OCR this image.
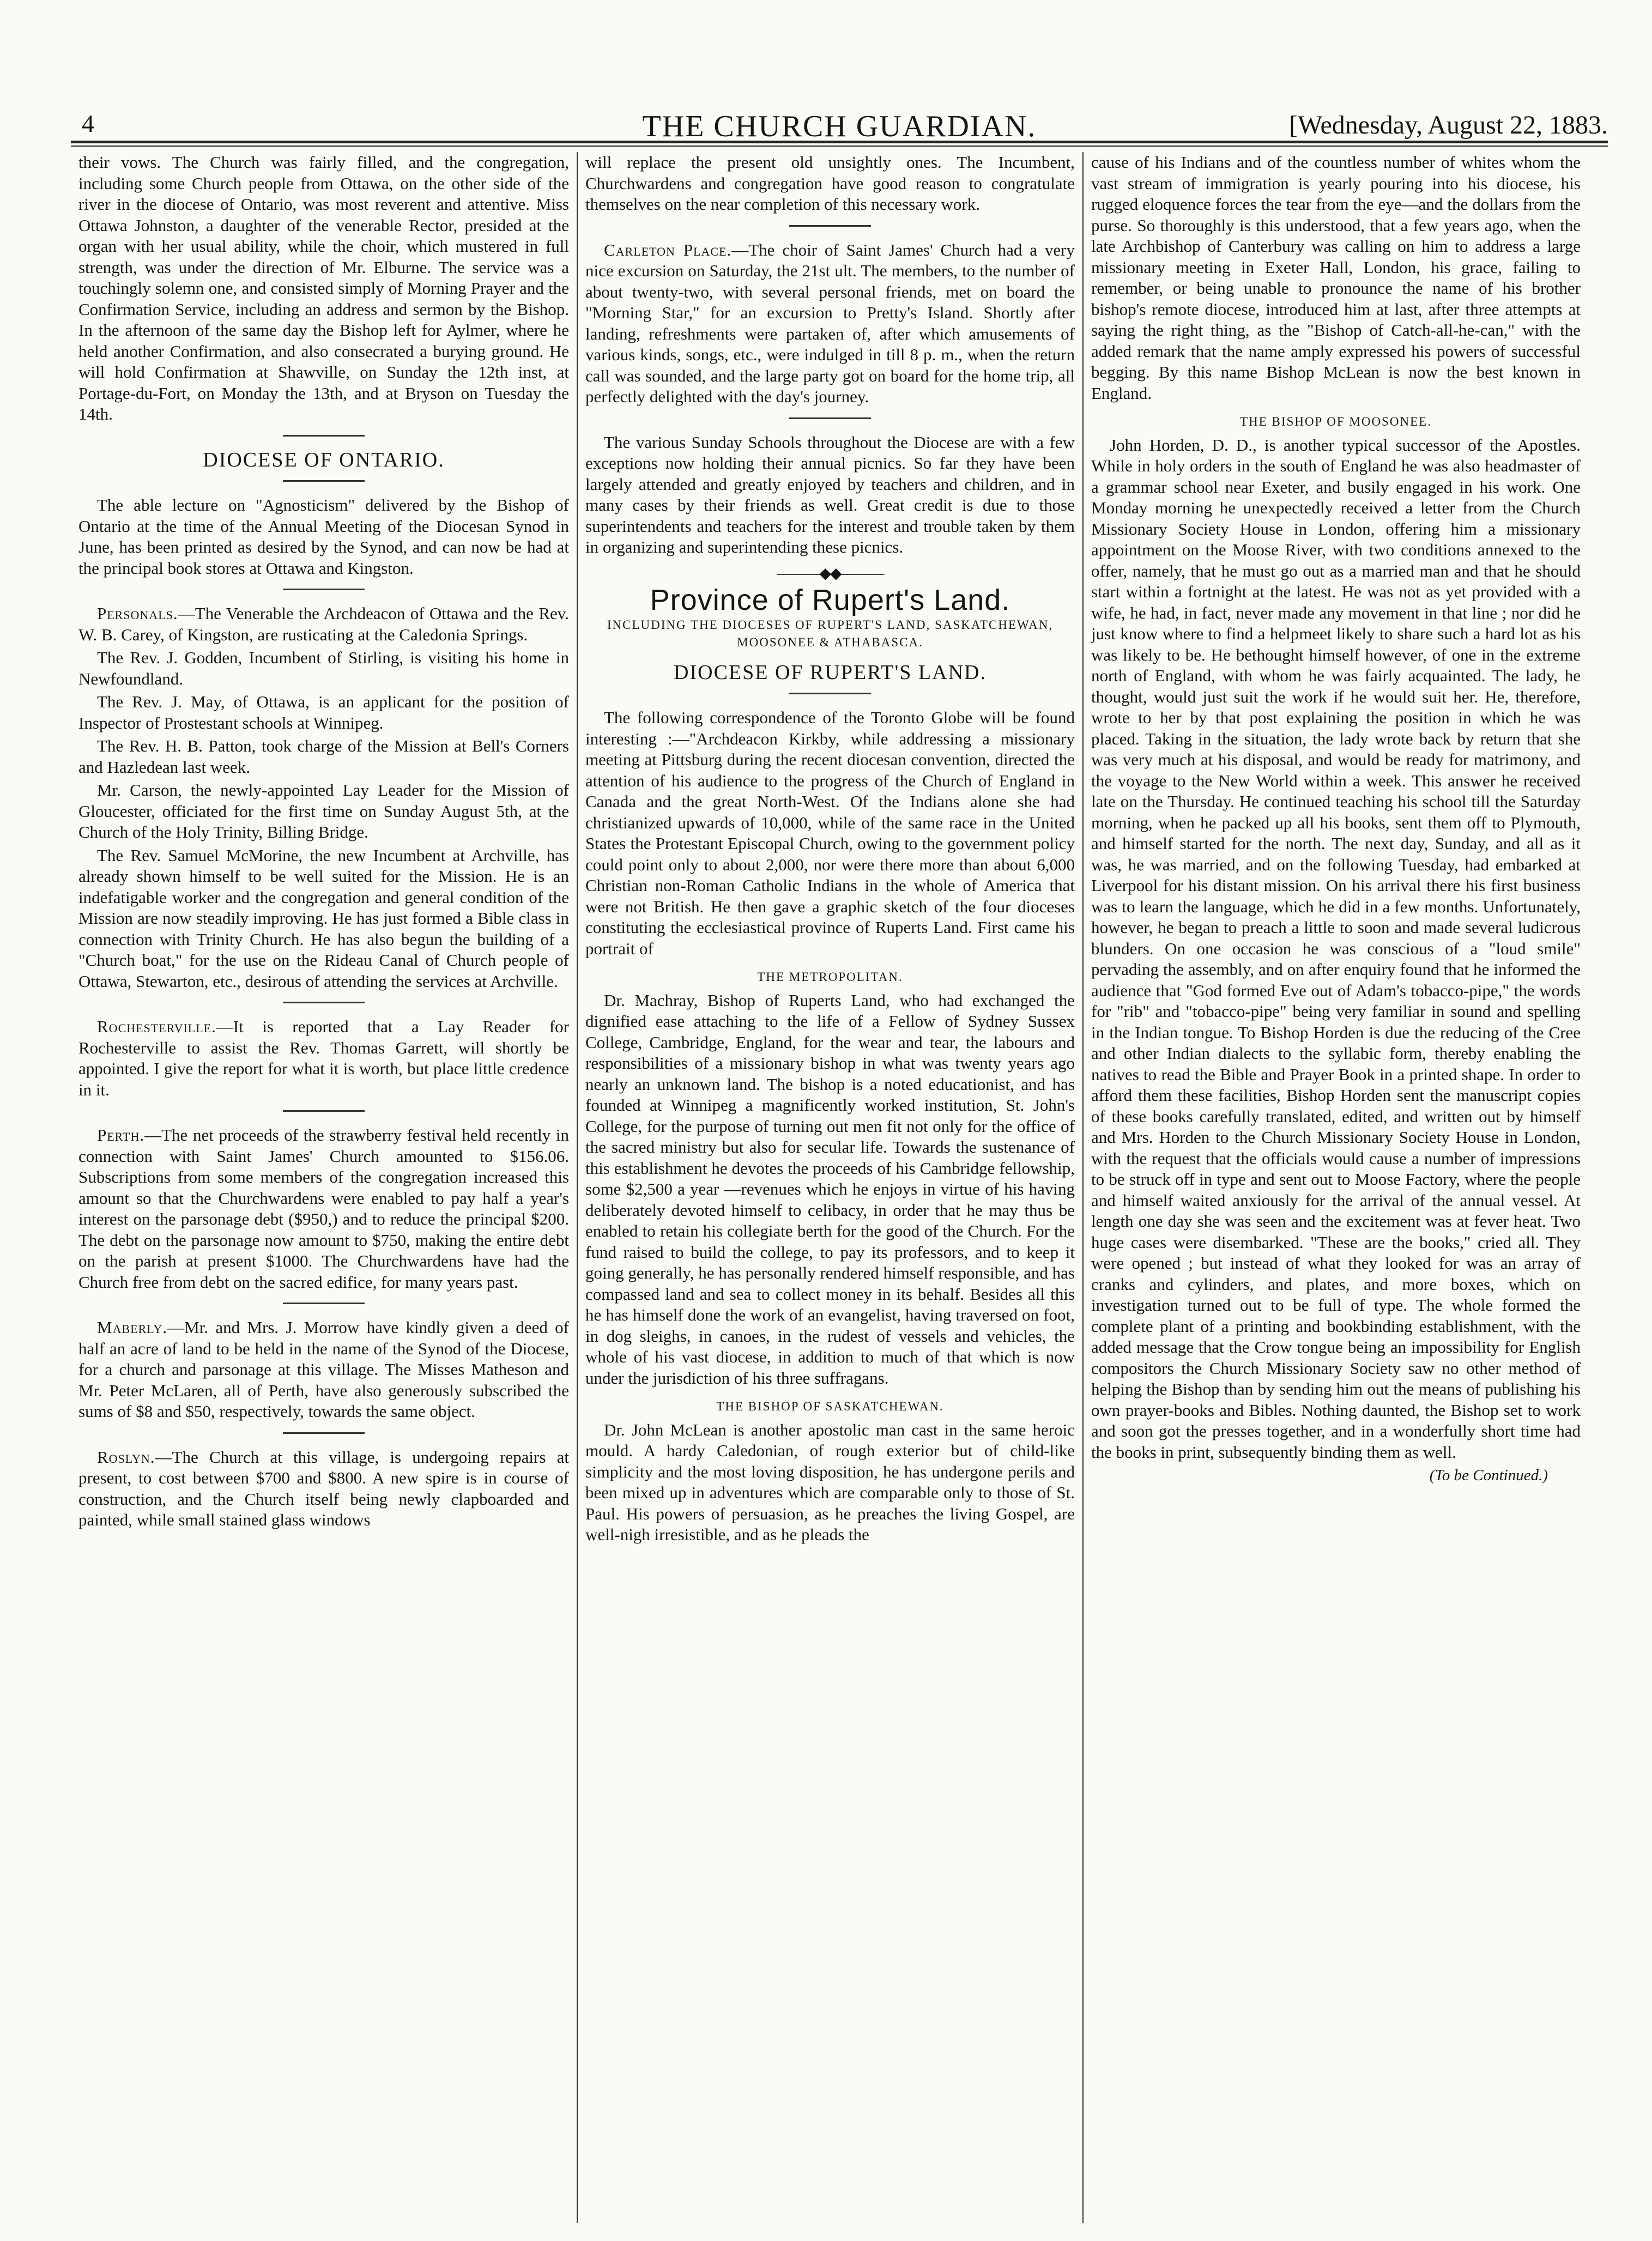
4	THE CHURCH GUARDIAN.	[Wednesday, August 22, 1883.

their vows. The Church was fairly filled, and the congregation, including some Church people from Ottawa, on the other side of the river in the diocese of Ontario, was most reverent and attentive. Miss Ottawa Johnston, a daughter of the venerable Rector, presided at the organ with her usual ability, while the choir, which mustered in full strength, was under the direction of Mr. Elburne. The service was a touchingly solemn one, and consisted simply of Morning Prayer and the Confirmation Service, including an address and sermon by the Bishop. In the afternoon of the same day the Bishop left for Aylmer, where he held another Confirmation, and also consecrated a burying ground. He will hold Confirmation at Shawville, on Sunday the 12th inst, at Portage-du-Fort, on Monday the 13th, and at Bryson on Tuesday the 14th.

DIOCESE OF ONTARIO.

The able lecture on "Agnosticism" delivered by the Bishop of Ontario at the time of the Annual Meeting of the Diocesan Synod in June, has been printed as desired by the Synod, and can now be had at the principal book stores at Ottawa and Kingston.

Personals.—The Venerable the Archdeacon of Ottawa and the Rev. W. B. Carey, of Kingston, are rusticating at the Caledonia Springs.

The Rev. J. Godden, Incumbent of Stirling, is visiting his home in Newfoundland.

The Rev. J. May, of Ottawa, is an applicant for the position of Inspector of Prostestant schools at Winnipeg.

The Rev. H. B. Patton, took charge of the Mission at Bell's Corners and Hazledean last week.

Mr. Carson, the newly-appointed Lay Leader for the Mission of Gloucester, officiated for the first time on Sunday August 5th, at the Church of the Holy Trinity, Billing Bridge.

The Rev. Samuel McMorine, the new Incumbent at Archville, has already shown himself to be well suited for the Mission. He is an indefatigable worker and the congregation and general condition of the Mission are now steadily improving. He has just formed a Bible class in connection with Trinity Church. He has also begun the building of a "Church boat," for the use on the Rideau Canal of Church people of Ottawa, Stewarton, etc., desirous of attending the services at Archville.

Rochesterville.—It is reported that a Lay Reader for Rochesterville to assist the Rev. Thomas Garrett, will shortly be appointed. I give the report for what it is worth, but place little credence in it.

Perth.—The net proceeds of the strawberry festival held recently in connection with Saint James' Church amounted to $156.06. Subscriptions from some members of the congregation increased this amount so that the Churchwardens were enabled to pay half a year's interest on the parsonage debt ($950,) and to reduce the principal $200. The debt on the parsonage now amount to $750, making the entire debt on the parish at present $1000. The Churchwardens have had the Church free from debt on the sacred edifice, for many years past.

Maberly.—Mr. and Mrs. J. Morrow have kindly given a deed of half an acre of land to be held in the name of the Synod of the Diocese, for a church and parsonage at this village. The Misses Matheson and Mr. Peter McLaren, all of Perth, have also generously subscribed the sums of $8 and $50, respectively, towards the same object.

Roslyn.—The Church at this village, is undergoing repairs at present, to cost between $700 and $800. A new spire is in course of construction, and the Church itself being newly clapboarded and painted, while small stained glass windows

will replace the present old unsightly ones. The Incumbent, Churchwardens and congregation have good reason to congratulate themselves on the near completion of this necessary work.

Carleton Place.—The choir of Saint James' Church had a very nice excursion on Saturday, the 21st ult. The members, to the number of about twenty-two, with several personal friends, met on board the "Morning Star," for an excursion to Pretty's Island. Shortly after landing, refreshments were partaken of, after which amusements of various kinds, songs, etc., were indulged in till 8 p. m., when the return call was sounded, and the large party got on board for the home trip, all perfectly delighted with the day's journey.

The various Sunday Schools throughout the Diocese are with a few exceptions now holding their annual picnics. So far they have been largely attended and greatly enjoyed by teachers and children, and in many cases by their friends as well. Great credit is due to those superintendents and teachers for the interest and trouble taken by them in organizing and superintending these picnics.

———◆◆———
Province of Rupert's Land.
INCLUDING THE DIOCESES OF RUPERT'S LAND, SASKATCHEWAN, MOOSONEE & ATHABASCA.
DIOCESE OF RUPERT'S LAND.

The following correspondence of the Toronto Globe will be found interesting :—"Archdeacon Kirkby, while addressing a missionary meeting at Pittsburg during the recent diocesan convention, directed the attention of his audience to the progress of the Church of England in Canada and the great North-West. Of the Indians alone she had christianized upwards of 10,000, while of the same race in the United States the Protestant Episcopal Church, owing to the government policy could point only to about 2,000, nor were there more than about 6,000 Christian non-Roman Catholic Indians in the whole of America that were not British. He then gave a graphic sketch of the four dioceses constituting the ecclesiastical province of Ruperts Land. First came his portrait of

THE METROPOLITAN.

Dr. Machray, Bishop of Ruperts Land, who had exchanged the dignified ease attaching to the life of a Fellow of Sydney Sussex College, Cambridge, England, for the wear and tear, the labours and responsibilities of a missionary bishop in what was twenty years ago nearly an unknown land. The bishop is a noted educationist, and has founded at Winnipeg a magnificently worked institution, St. John's College, for the purpose of turning out men fit not only for the office of the sacred ministry but also for secular life. Towards the sustenance of this establishment he devotes the proceeds of his Cambridge fellowship, some $2,500 a year —revenues which he enjoys in virtue of his having deliberately devoted himself to celibacy, in order that he may thus be enabled to retain his collegiate berth for the good of the Church. For the fund raised to build the college, to pay its professors, and to keep it going generally, he has personally rendered himself responsible, and has compassed land and sea to collect money in its behalf. Besides all this he has himself done the work of an evangelist, having traversed on foot, in dog sleighs, in canoes, in the rudest of vessels and vehicles, the whole of his vast diocese, in addition to much of that which is now under the jurisdiction of his three suffragans.

THE BISHOP OF SASKATCHEWAN.

Dr. John McLean is another apostolic man cast in the same heroic mould. A hardy Caledonian, of rough exterior but of child-like simplicity and the most loving disposition, he has undergone perils and been mixed up in adventures which are comparable only to those of St. Paul. His powers of persuasion, as he preaches the living Gospel, are well-nigh irresistible, and as he pleads the

cause of his Indians and of the countless number of whites whom the vast stream of immigration is yearly pouring into his diocese, his rugged eloquence forces the tear from the eye—and the dollars from the purse. So thoroughly is this understood, that a few years ago, when the late Archbishop of Canterbury was calling on him to address a large missionary meeting in Exeter Hall, London, his grace, failing to remember, or being unable to pronounce the name of his brother bishop's remote diocese, introduced him at last, after three attempts at saying the right thing, as the "Bishop of Catch-all-he-can," with the added remark that the name amply expressed his powers of successful begging. By this name Bishop McLean is now the best known in England.

THE BISHOP OF MOOSONEE.

John Horden, D. D., is another typical successor of the Apostles. While in holy orders in the south of England he was also headmaster of a grammar school near Exeter, and busily engaged in his work. One Monday morning he unexpectedly received a letter from the Church Missionary Society House in London, offering him a missionary appointment on the Moose River, with two conditions annexed to the offer, namely, that he must go out as a married man and that he should start within a fortnight at the latest. He was not as yet provided with a wife, he had, in fact, never made any movement in that line ; nor did he just know where to find a helpmeet likely to share such a hard lot as his was likely to be. He bethought himself however, of one in the extreme north of England, with whom he was fairly acquainted. The lady, he thought, would just suit the work if he would suit her. He, therefore, wrote to her by that post explaining the position in which he was placed. Taking in the situation, the lady wrote back by return that she was very much at his disposal, and would be ready for matrimony, and the voyage to the New World within a week. This answer he received late on the Thursday. He continued teaching his school till the Saturday morning, when he packed up all his books, sent them off to Plymouth, and himself started for the north. The next day, Sunday, and all as it was, he was married, and on the following Tuesday, had embarked at Liverpool for his distant mission. On his arrival there his first business was to learn the language, which he did in a few months. Unfortunately, however, he began to preach a little to soon and made several ludicrous blunders. On one occasion he was conscious of a "loud smile" pervading the assembly, and on after enquiry found that he informed the audience that "God formed Eve out of Adam's tobacco-pipe," the words for "rib" and "tobacco-pipe" being very familiar in sound and spelling in the Indian tongue. To Bishop Horden is due the reducing of the Cree and other Indian dialects to the syllabic form, thereby enabling the natives to read the Bible and Prayer Book in a printed shape. In order to afford them these facilities, Bishop Horden sent the manuscript copies of these books carefully translated, edited, and written out by himself and Mrs. Horden to the Church Missionary Society House in London, with the request that the officials would cause a number of impressions to be struck off in type and sent out to Moose Factory, where the people and himself waited anxiously for the arrival of the annual vessel. At length one day she was seen and the excitement was at fever heat. Two huge cases were disembarked. "These are the books," cried all. They were opened ; but instead of what they looked for was an array of cranks and cylinders, and plates, and more boxes, which on investigation turned out to be full of type. The whole formed the complete plant of a printing and bookbinding establishment, with the added message that the Crow tongue being an impossibility for English compositors the Church Missionary Society saw no other method of helping the Bishop than by sending him out the means of publishing his own prayer-books and Bibles. Nothing daunted, the Bishop set to work and soon got the presses together, and in a wonderfully short time had the books in print, subsequently binding them as well.

(To be Continued.)
